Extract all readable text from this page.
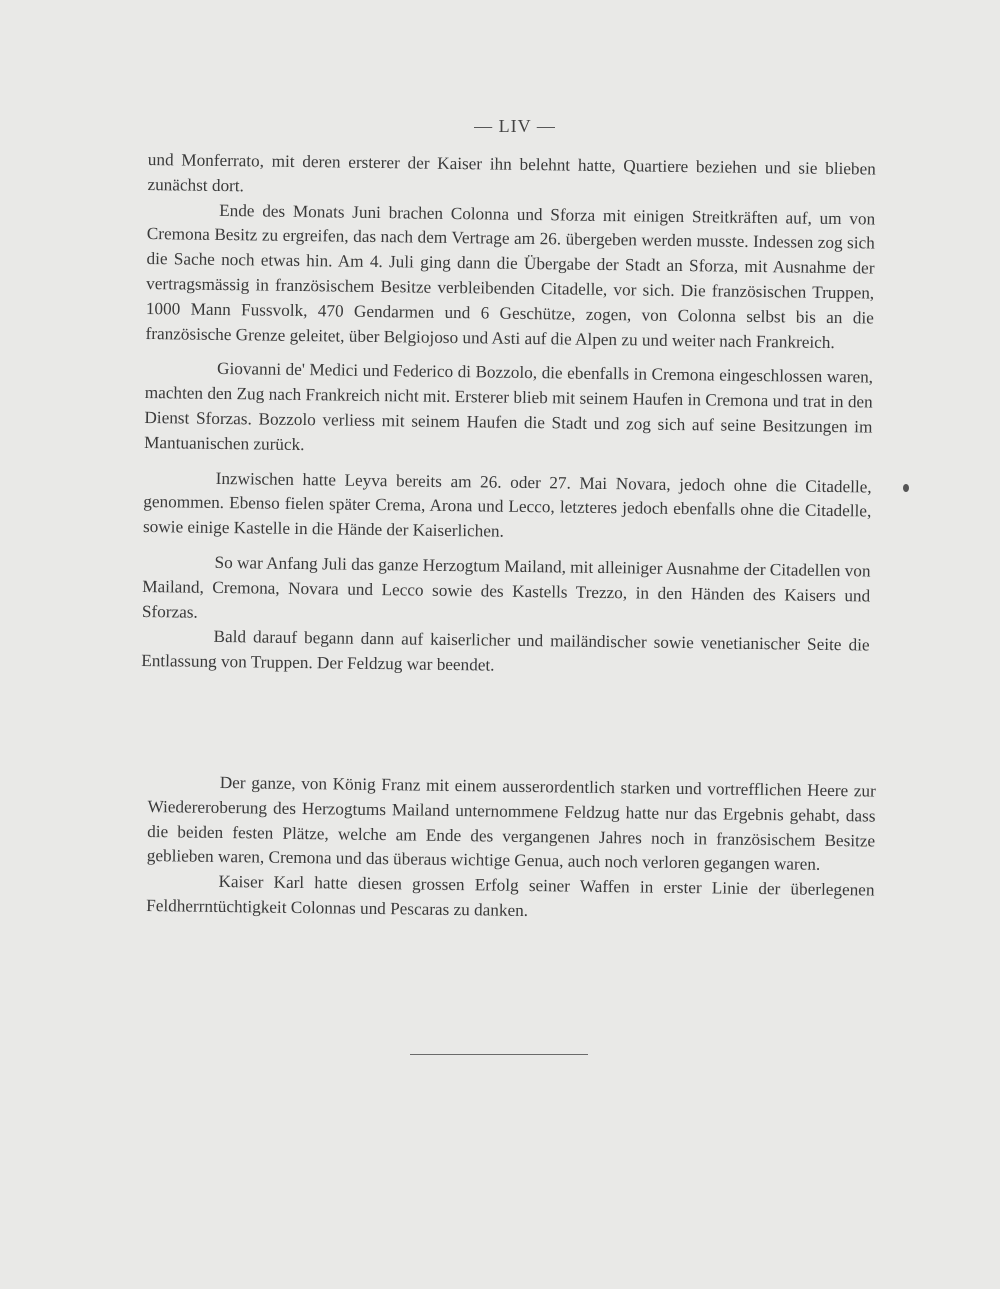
— LIV —

und Monferrato, mit deren ersterer der Kaiser ihn belehnt hatte, Quartiere beziehen und sie blieben zunächst dort.

Ende des Monats Juni brachen Colonna und Sforza mit einigen Streitkräften auf, um von Cremona Besitz zu ergreifen, das nach dem Vertrage am 26. übergeben werden musste. Indessen zog sich die Sache noch etwas hin. Am 4. Juli ging dann die Übergabe der Stadt an Sforza, mit Ausnahme der vertragsmässig in französischem Besitze verbleibenden Citadelle, vor sich. Die französischen Truppen, 1000 Mann Fussvolk, 470 Gendarmen und 6 Geschütze, zogen, von Colonna selbst bis an die französische Grenze geleitet, über Belgiojoso und Asti auf die Alpen zu und weiter nach Frankreich.

Giovanni de' Medici und Federico di Bozzolo, die ebenfalls in Cremona eingeschlossen waren, machten den Zug nach Frankreich nicht mit. Ersterer blieb mit seinem Haufen in Cremona und trat in den Dienst Sforzas. Bozzolo verliess mit seinem Haufen die Stadt und zog sich auf seine Besitzungen im Mantuanischen zurück.

Inzwischen hatte Leyva bereits am 26. oder 27. Mai Novara, jedoch ohne die Citadelle, genommen. Ebenso fielen später Crema, Arona und Lecco, letzteres jedoch ebenfalls ohne die Citadelle, sowie einige Kastelle in die Hände der Kaiserlichen.

So war Anfang Juli das ganze Herzogtum Mailand, mit alleiniger Ausnahme der Citadellen von Mailand, Cremona, Novara und Lecco sowie des Kastells Trezzo, in den Händen des Kaisers und Sforzas.

Bald darauf begann dann auf kaiserlicher und mailändischer sowie venetianischer Seite die Entlassung von Truppen. Der Feldzug war beendet.

Der ganze, von König Franz mit einem ausserordentlich starken und vortrefflichen Heere zur Wiedereroberung des Herzogtums Mailand unternommene Feldzug hatte nur das Ergebnis gehabt, dass die beiden festen Plätze, welche am Ende des vergangenen Jahres noch in französischem Besitze geblieben waren, Cremona und das überaus wichtige Genua, auch noch verloren gegangen waren.

Kaiser Karl hatte diesen grossen Erfolg seiner Waffen in erster Linie der überlegenen Feldherrntüchtigkeit Colonnas und Pescaras zu danken.
